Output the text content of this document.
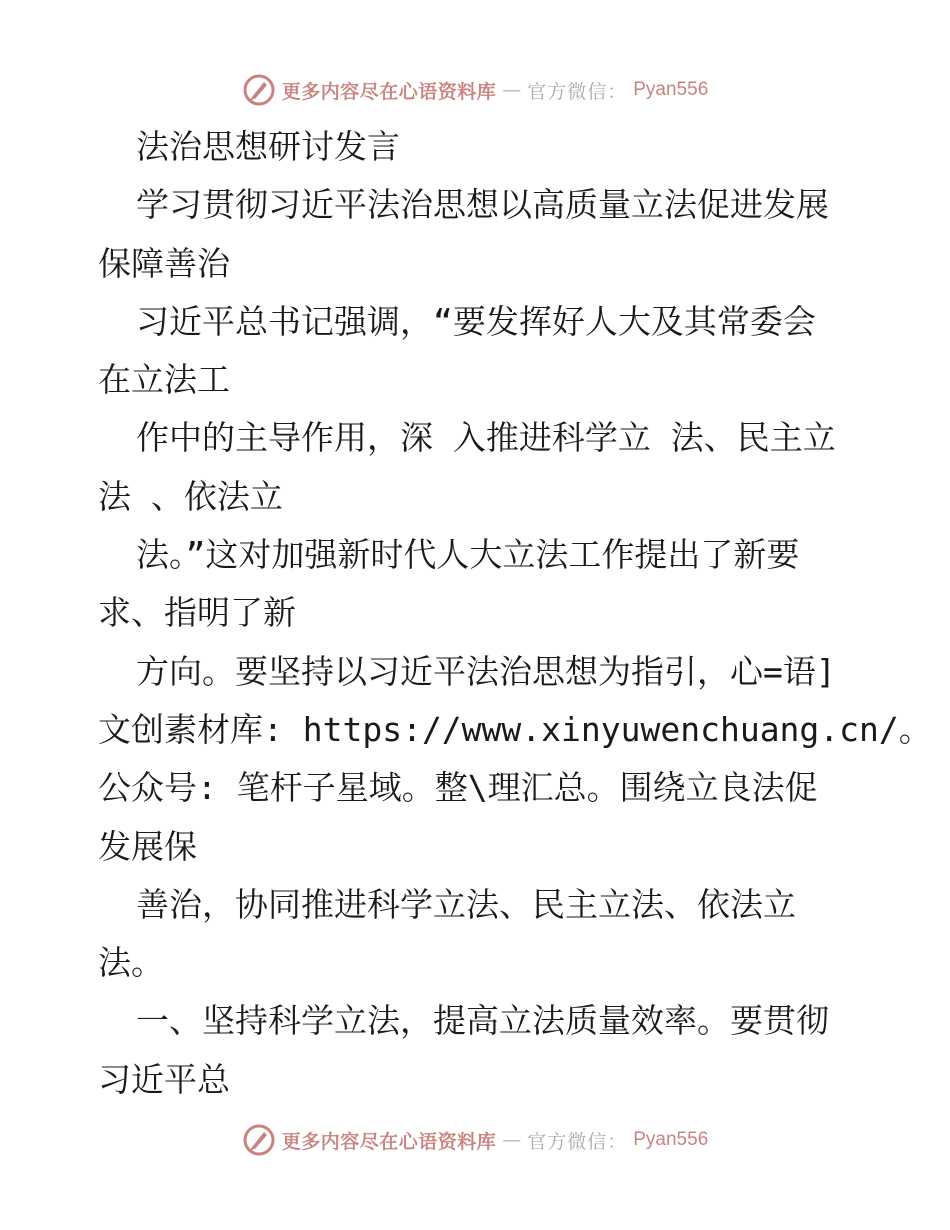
更多内容尽在心语资料库 — 官方微信： Pyan556
法治思想研讨发言
学习贯彻习近平法治思想以高质量立法促进发展
保障善治
习近平总书记强调，“要发挥好人大及其常委会
在立法工
作中的主导作用，深 入推进科学立 法、民主立
法 、依法立
法。”这对加强新时代人大立法工作提出了新要
求、指明了新
方向。要坚持以习近平法治思想为指引，心=语]
文创素材库: https://www.xinyuwenchuang.cn/。
公众号: 笔杆子星域。整\理汇总。围绕立良法促
发展保
善治，协同推进科学立法、民主立法、依法立
法。
一、坚持科学立法，提高立法质量效率。要贯彻
习近平总
更多内容尽在心语资料库 — 官方微信： Pyan556
